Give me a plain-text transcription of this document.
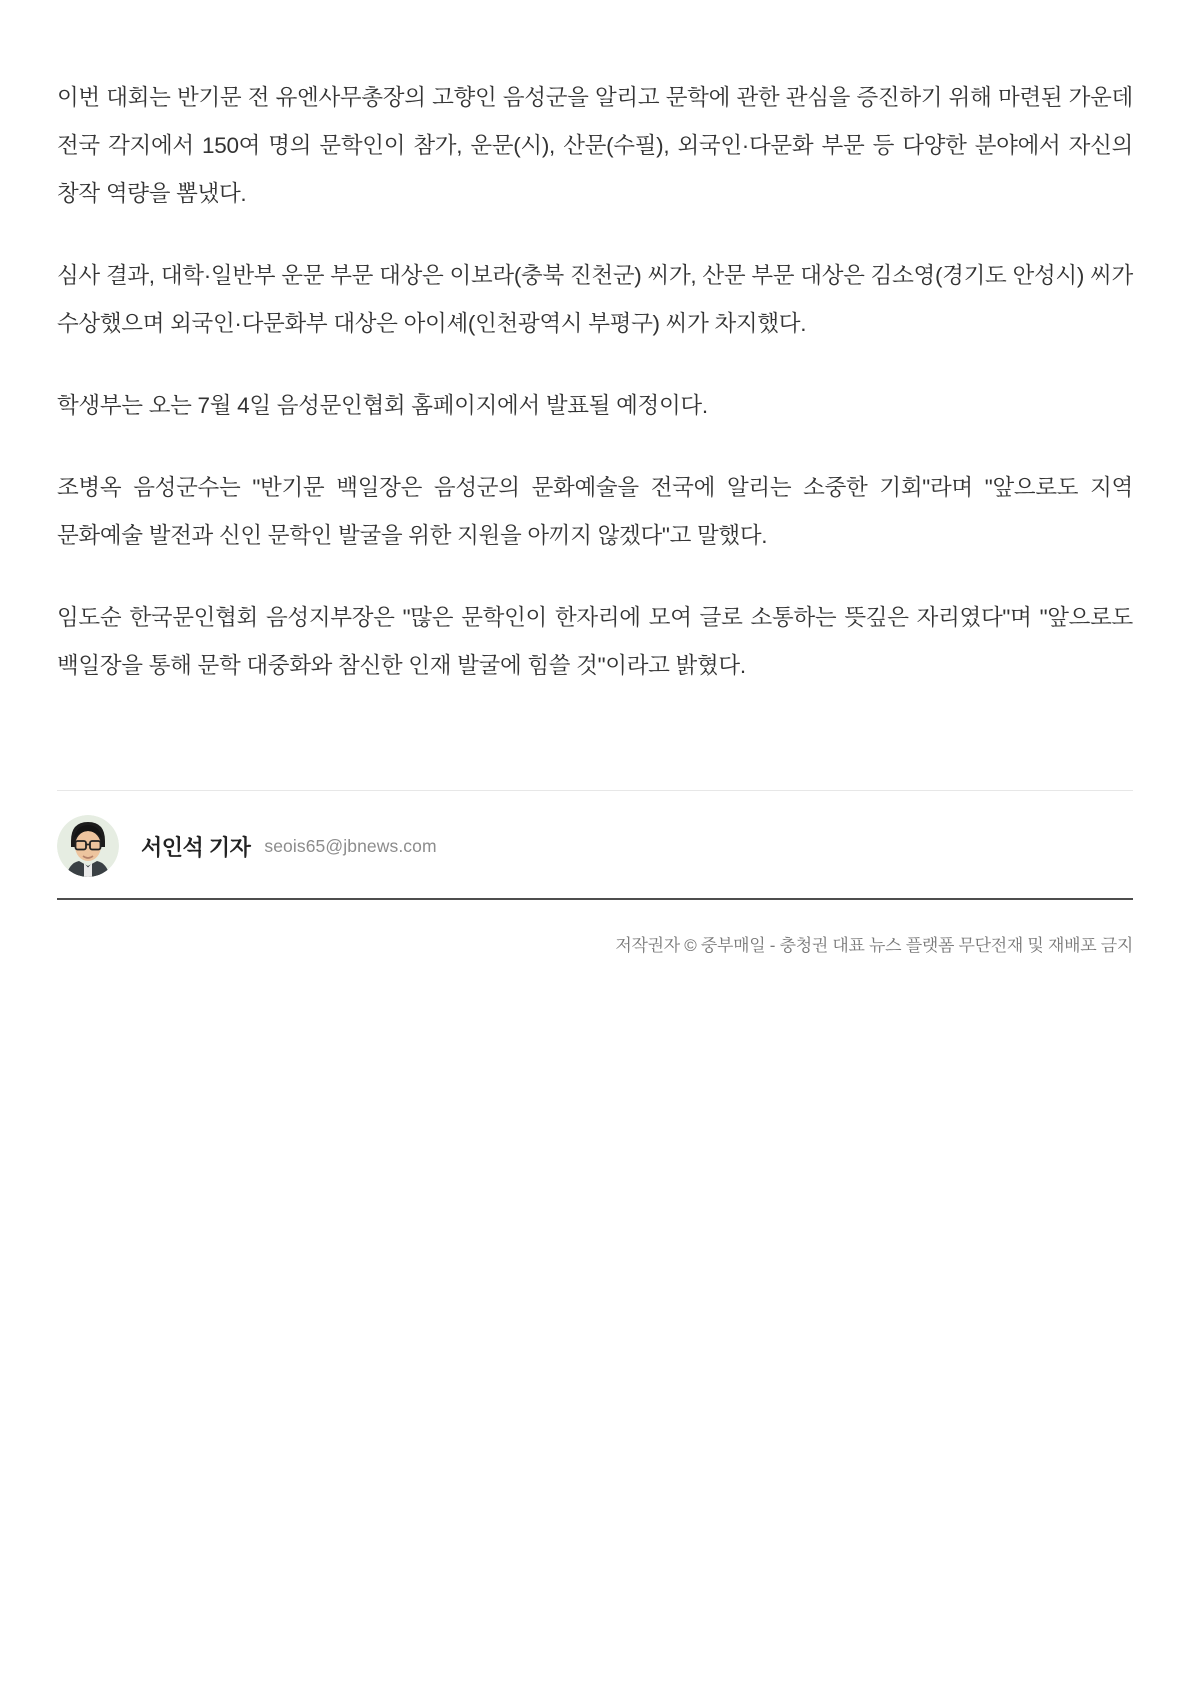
이번 대회는 반기문 전 유엔사무총장의 고향인 음성군을 알리고 문학에 관한 관심을 증진하기 위해 마련된 가운데 전국 각지에서 150여 명의 문학인이 참가, 운문(시), 산문(수필), 외국인·다문화 부문 등 다양한 분야에서 자신의 창작 역량을 뽐냈다.

심사 결과, 대학·일반부 운문 부문 대상은 이보라(충북 진천군) 씨가, 산문 부문 대상은 김소영(경기도 안성시) 씨가 수상했으며 외국인·다문화부 대상은 아이셰(인천광역시 부평구) 씨가 차지했다.

학생부는 오는 7월 4일 음성문인협회 홈페이지에서 발표될 예정이다.

조병옥 음성군수는 "반기문 백일장은 음성군의 문화예술을 전국에 알리는 소중한 기회"라며 "앞으로도 지역 문화예술 발전과 신인 문학인 발굴을 위한 지원을 아끼지 않겠다"고 말했다.

임도순 한국문인협회 음성지부장은 "많은 문학인이 한자리에 모여 글로 소통하는 뜻깊은 자리였다"며 "앞으로도 백일장을 통해 문학 대중화와 참신한 인재 발굴에 힘쓸 것"이라고 밝혔다.

서인석 기자 seois65@jbnews.com
저작권자 © 중부매일 - 충청권 대표 뉴스 플랫폼 무단전재 및 재배포 금지
